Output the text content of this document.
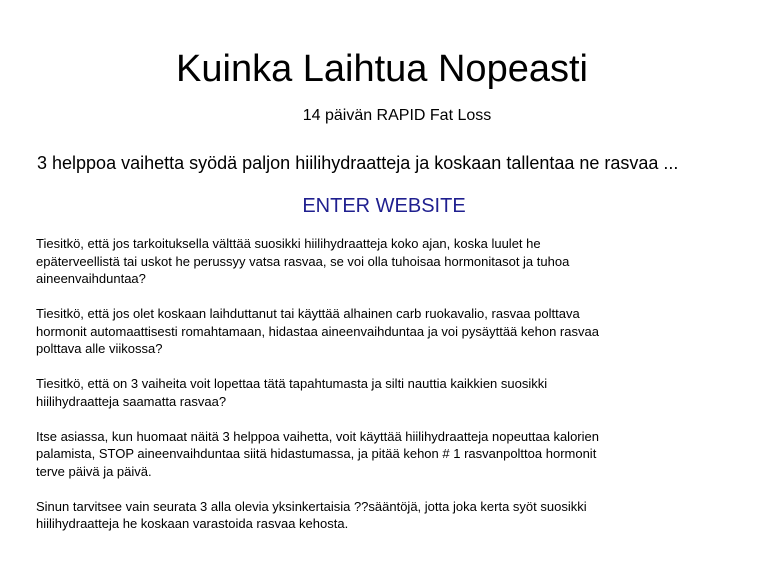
Kuinka Laihtua Nopeasti
14 päivän RAPID Fat Loss
3 helppoa vaihetta syödä paljon hiilihydraatteja ja koskaan tallentaa ne rasvaa ...
ENTER WEBSITE

Tiesitkö, että jos tarkoituksella välttää suosikki hiilihydraatteja koko ajan, koska luulet he
epäterveellistä tai uskot he perussyy vatsa rasvaa, se voi olla tuhoisaa hormonitasot ja tuhoa
aineenvaihduntaa?

Tiesitkö, että jos olet koskaan laihduttanut tai käyttää alhainen carb ruokavalio, rasvaa polttava
hormonit automaattisesti romahtamaan, hidastaa aineenvaihduntaa ja voi pysäyttää kehon rasvaa
polttava alle viikossa?

Tiesitkö, että on 3 vaiheita voit lopettaa tätä tapahtumasta ja silti nauttia kaikkien suosikki
hiilihydraatteja saamatta rasvaa?

Itse asiassa, kun huomaat näitä 3 helppoa vaihetta, voit käyttää hiilihydraatteja nopeuttaa kalorien
palamista, STOP aineenvaihduntaa siitä hidastumassa, ja pitää kehon # 1 rasvanpolttoa hormonit
terve päivä ja päivä.

Sinun tarvitsee vain seurata 3 alla olevia yksinkertaisia ??sääntöjä, jotta joka kerta syöt suosikki
hiilihydraatteja he koskaan varastoida rasvaa kehosta.
